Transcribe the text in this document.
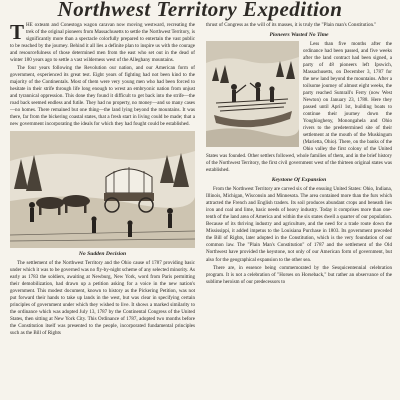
Northwest Territory Expedition

THE oxteam and Conestoga wagon caravan now moving westward, recreating the trek of the original pioneers from Massachusetts to settle the Northwest Territory, is significantly more than a spectacle colorfully prepared to entertain the vast public to be reached by the journey. Behind it all lies a definite plan to inspire us with the courage and resourcefulness of those determined men from the east who set out in the dead of winter 180 years ago to settle a vast wilderness west of the Alleghany mountains.

The four years following the Revolution our nation, and our American form of government, experienced its great test. Eight years of fighting had not been kind to the majority of the Continentals. Most of them were very young men who had been forced to hesitate in their strife through life long enough to wrest an embryonic nation from unjust and tyrannical oppression. This done they found it difficult to get back into the strife—the road back seemed endless and futile. They had no property, no money—and so many cases—no homes. There remained but one thing—the land lying beyond the mountains. It was there, far from the bickering coastal states, that a fresh start in living could be made; that a new government incorporating the ideals for which they had fought could be established.

No Sudden Decision

The settlement of the Northwest Territory and the Ohio cause of 1787 providing basic under which it was to be governed was no fly-by-night scheme of any selected minority. As early as 1783 the soldiers, awaiting at Newburg, New York, word from Paris permitting their demobilization, had drawn up a petition asking for a voice in the new nation's government. This modest document, known to history as the Pickering Petition, was not put forward their hands to take up lands in the west, but was clear in specifying certain principles of government under which they wished to live. It shows a marked similarity to the ordinance which was adopted July 13, 1787 by the Continental Congress of the United States, then sitting at New York City. This Ordinance of 1787, adopted two months before the Constitution itself was presented to the people, incorporated fundamental principles such as the Bill of Rights

thrust of Congress as the will of its masses, it is truly the "Plain man's Constitution."

Pioneers Wasted No Time

Less than five months after the ordinance had been passed, and five weeks after the land contract had been signed, a party of 48 pioneers left Ipswich, Massachusetts, on December 3, 1787 for the new land beyond the mountains. After a toilsome journey of almost eight weeks, the party reached Sumrall's Ferry (now West Newton) on January 23, 1788. Here they passed until April 1st, building boats to continue their journey down the Youghiogheny, Monongahela and Ohio rivers to the predetermined site of their settlement at the mouth of the Muskingum (Marietta, Ohio). There, on the banks of the Ohio valley the first colony of the United States was founded. Other settlers followed, whole families of them, and in the brief history of the Northwest Territory, the first civil government west of the thirteen original states was established.

Keystone Of Expansion

From the Northwest Territory are carved six of the ensuing United States: Ohio, Indiana, Illinois, Michigan, Wisconsin and Minnesota. The area contained more than the furs which attracted the French and English traders. Its soil produces abundant crops and beneath lies iron and coal and lime, basic needs of heavy industry. Today it comprises more than one-tenth of the land area of America and within the six states dwell a quarter of our population. Because of its thriving industry and agriculture, and the need for a trade route down the Mississippi, it added impetus to the Louisiana Purchase in 1803. Its government preceded the Bill of Rights, later adopted in the Constitution, which is the very foundation of our common law. The "Plain Man's Constitution" of 1787 and the settlement of the Old Northwest have provided the keystone, not only of our American form of government, but also for the geographical expansion to the other sea.

There are, in essence being commemorated by the Sesquicentennial celebration program. It is not a celebration of "Horses on Horseback," but rather an observance of the sublime heroism of our predecessors to
